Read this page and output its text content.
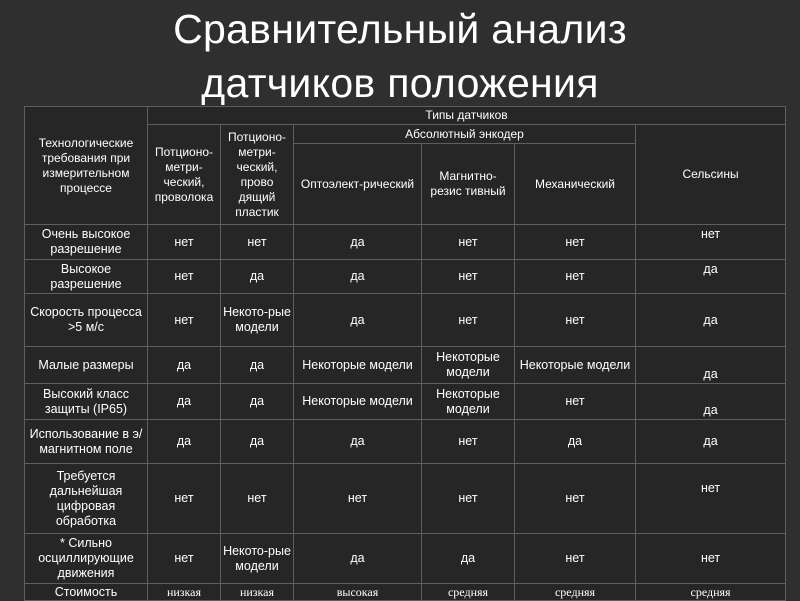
Сравнительный анализ
датчиков положения
Технологические требования при измерительном процессе	Типы датчиков					
	Потционо-метри-ческий, проволока	Потционо-метри-ческий, прово дящий пластик	Абсолютный энкодер			Сельсины
			Оптоэлект-рический	Магнитно-резис тивный	Механический	
Очень высокое разрешение	нет	нет	да	нет	нет	нет
Высокое разрешение	нет	да	да	нет	нет	да
Скорость процесса >5 м/с	нет	Некото-рые модели	да	нет	нет	да
Малые размеры	да	да	Некоторые модели	Некоторые модели	Некоторые модели	да
Высокий класс защиты (IP65)	да	да	Некоторые модели	Некоторые модели	нет	да
Использование в э/магнитном поле	да	да	да	нет	да	да
Требуется дальнейшая цифровая обработка	нет	нет	нет	нет	нет	нет
* Сильно осциллирующие движения	нет	Некото-рые модели	да	да	нет	нет
Стоимость	низкая	низкая	высокая	средняя	средняя	средняя
